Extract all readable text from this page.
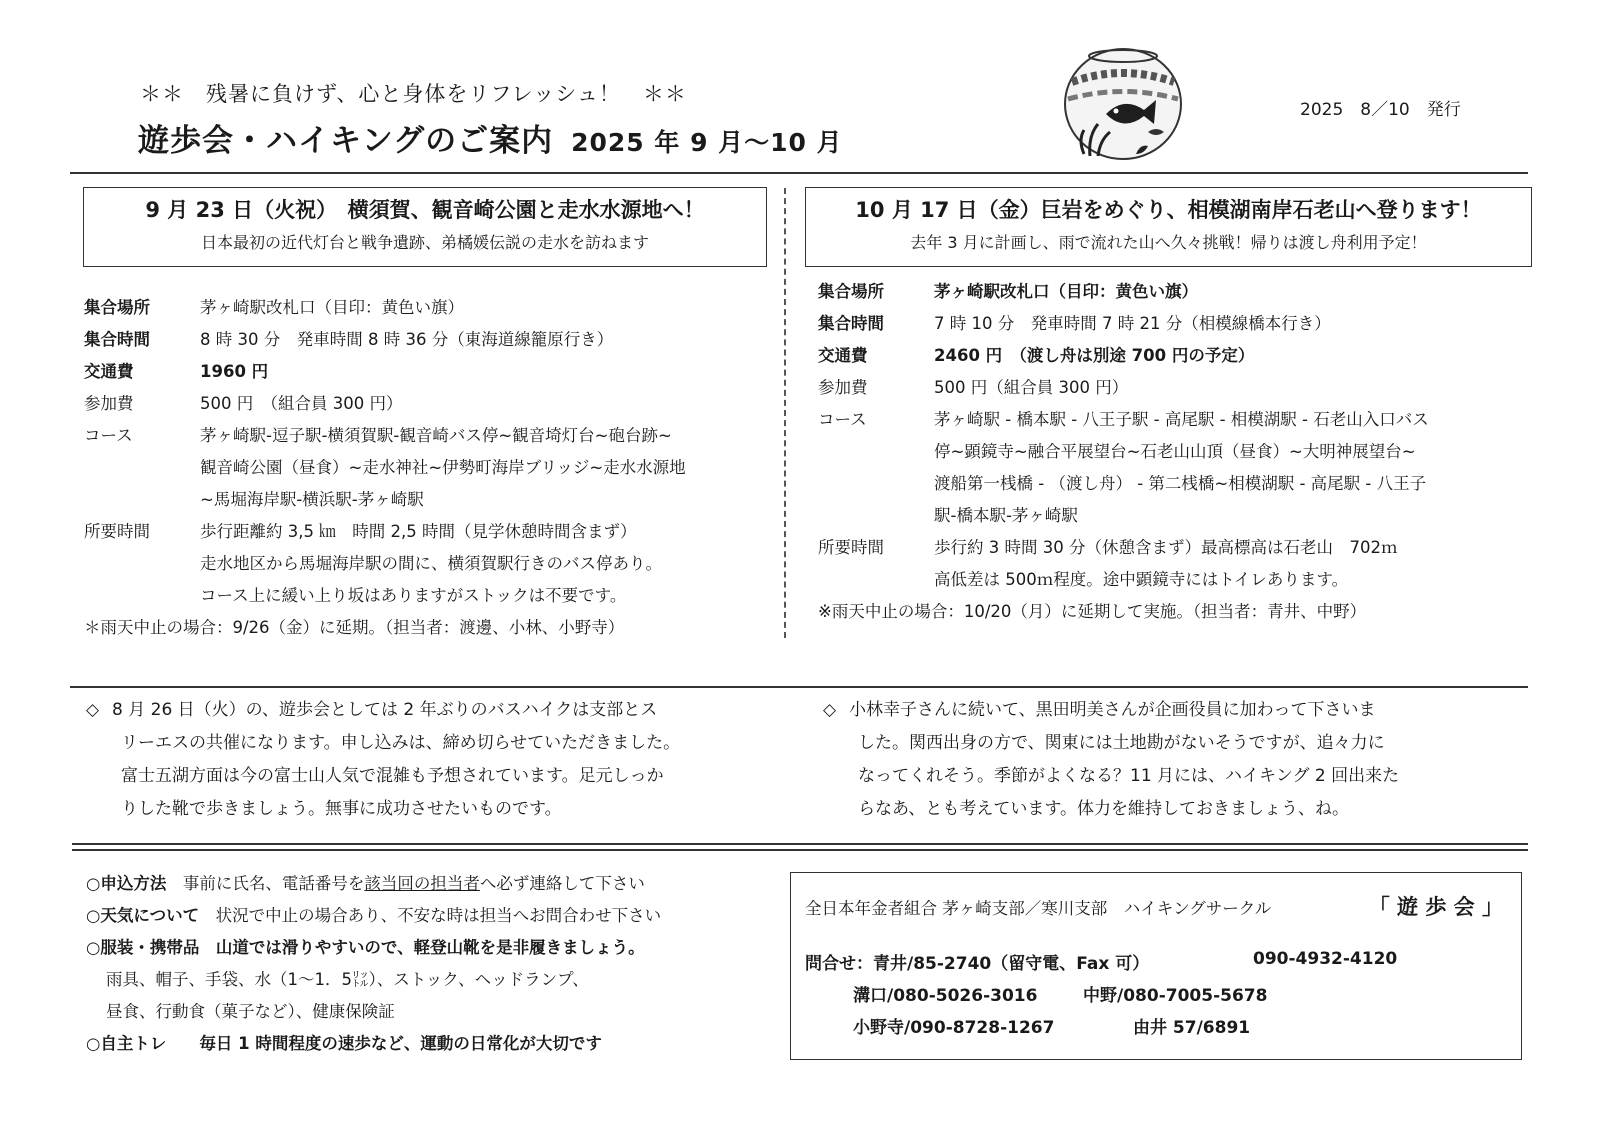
＊＊　残暑に負けず、心と身体をリフレッシュ！　＊＊
遊歩会・ハイキングのご案内 2025 年 9 月〜10 月
2025　8／10　発行
9 月 23 日（火祝）　横須賀、観音崎公園と走水水源地へ！
日本最初の近代灯台と戦争遺跡、弟橘媛伝説の走水を訪ねます
集合場所	茅ヶ崎駅改札口（目印：黄色い旗）
集合時間	8 時 30 分　発車時間 8 時 36 分（東海道線籠原行き）
交通費	1960 円
参加費	500 円　（組合員 300 円）
コース	茅ヶ崎駅-逗子駅-横須賀駅-観音崎バス停~観音埼灯台~砲台跡~
観音崎公園（昼食）~走水神社~伊勢町海岸ブリッジ~走水水源地
~馬堀海岸駅-横浜駅-茅ヶ崎駅
所要時間	歩行距離約 3,5 ㎞　時間 2,5 時間（見学休憩時間含まず）
走水地区から馬堀海岸駅の間に、横須賀駅行きのバス停あり。
コース上に緩い上り坂はありますがストックは不要です。
＊雨天中止の場合：9/26（金）に延期。（担当者：渡邊、小林、小野寺）
10 月 17 日（金）巨岩をめぐり、相模湖南岸石老山へ登ります！
去年 3 月に計画し、雨で流れた山へ久々挑戦！帰りは渡し舟利用予定！
集合場所	茅ヶ崎駅改札口（目印：黄色い旗）
集合時間	7 時 10 分　発車時間 7 時 21 分（相模線橋本行き）
交通費	2460 円　（渡し舟は別途 700 円の予定）
参加費	500 円（組合員 300 円）
コース	茅ヶ崎駅 - 橋本駅 - 八王子駅 - 高尾駅 - 相模湖駅 - 石老山入口バス
停~顕鏡寺~融合平展望台~石老山山頂（昼食）~大明神展望台~
渡船第一桟橋 - （渡し舟） - 第二桟橋~相模湖駅 - 高尾駅 - 八王子
駅-橋本駅-茅ヶ崎駅
所要時間	歩行約 3 時間 30 分（休憩含まず）最高標高は石老山　702ｍ
高低差は 500ｍ程度。途中顕鏡寺にはトイレあります。
※雨天中止の場合：10/20（月）に延期して実施。（担当者：青井、中野）
◇ 8 月 26 日（火）の、遊歩会としては 2 年ぶりのバスハイクは支部とス
リーエスの共催になります。申し込みは、締め切らせていただきました。
富士五湖方面は今の富士山人気で混雑も予想されています。足元しっか
りした靴で歩きましょう。無事に成功させたいものです。
◇ 小林幸子さんに続いて、黒田明美さんが企画役員に加わって下さいま
した。関西出身の方で、関東には土地勘がないそうですが、追々力に
なってくれそう。季節がよくなる？11 月には、ハイキング 2 回出来た
らなあ、とも考えています。体力を維持しておきましょう、ね。
○申込方法　 事前に氏名、電話番号を該当回の担当者へ必ず連絡して下さい
○天気について　 状況で中止の場合あり、不安な時は担当へお問合わせ下さい
○服装・携帯品　 山道では滑りやすいので、軽登山靴を是非履きましょう。
雨具、帽子、手袋、水（1～1．5㍑）、ストック、ヘッドランプ、
昼食、行動食（菓子など）、健康保険証
○自主トレ　　 毎日 1 時間程度の速歩など、運動の日常化が大切です
全日本年金者組合 茅ヶ崎支部／寒川支部　ハイキングサークル	「 遊 歩 会 」
問合せ：青井/85-2740（留守電、Fax 可）	090-4932-4120
溝口/080-5026-3016	中野/080-7005-5678
小野寺/090-8728-1267	由井 57/6891
